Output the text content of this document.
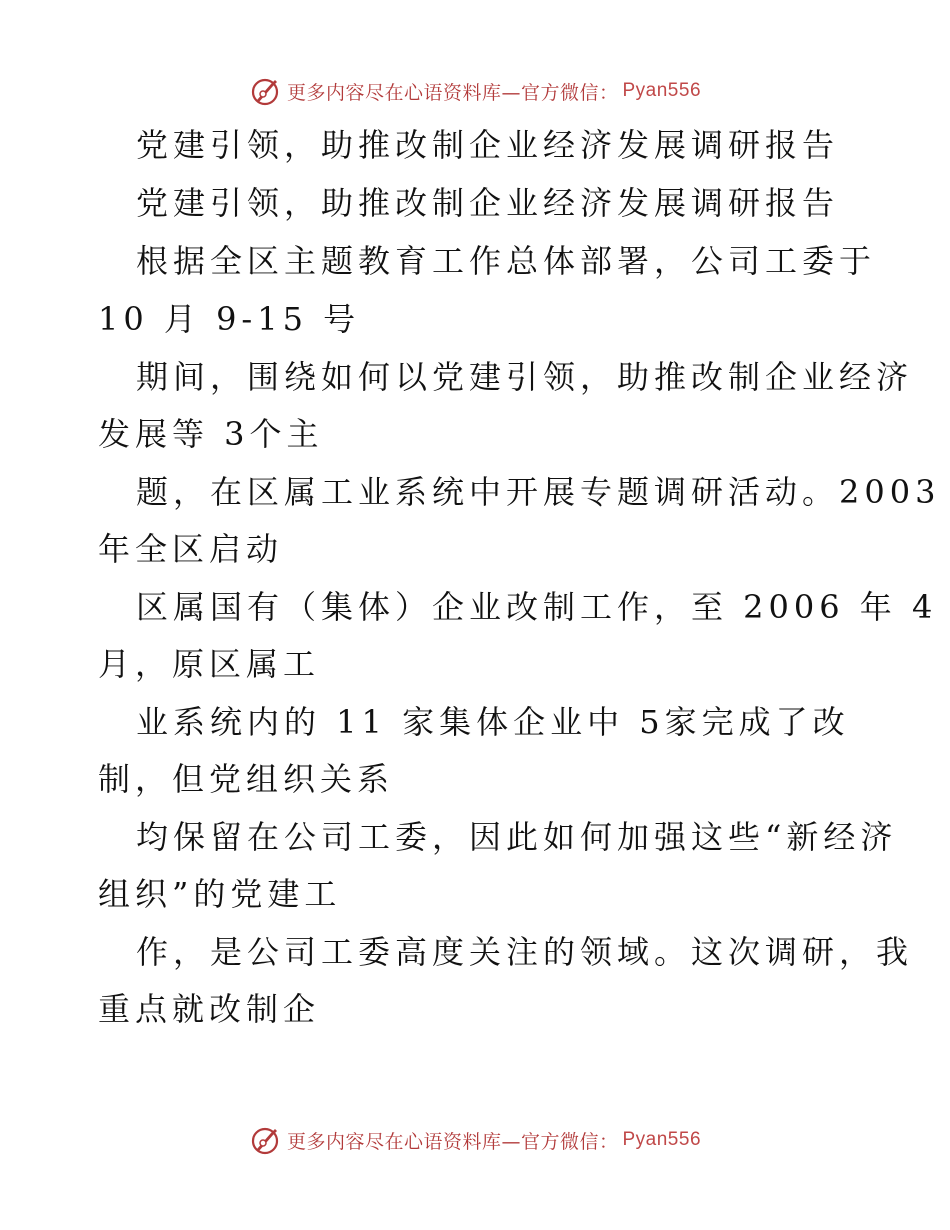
更多内容尽在心语资料库—官方微信： Pyan556
党建引领，助推改制企业经济发展调研报告
党建引领，助推改制企业经济发展调研报告
根据全区主题教育工作总体部署，公司工委于
10 月 9-15 号
期间，围绕如何以党建引领，助推改制企业经济
发展等 3个主
题，在区属工业系统中开展专题调研活动。2003
年全区启动
区属国有（集体）企业改制工作，至 2006 年 4
月，原区属工
业系统内的 11 家集体企业中 5家完成了改
制，但党组织关系
均保留在公司工委，因此如何加强这些“新经济
组织”的党建工
作，是公司工委高度关注的领域。这次调研，我
重点就改制企
更多内容尽在心语资料库—官方微信： Pyan556
